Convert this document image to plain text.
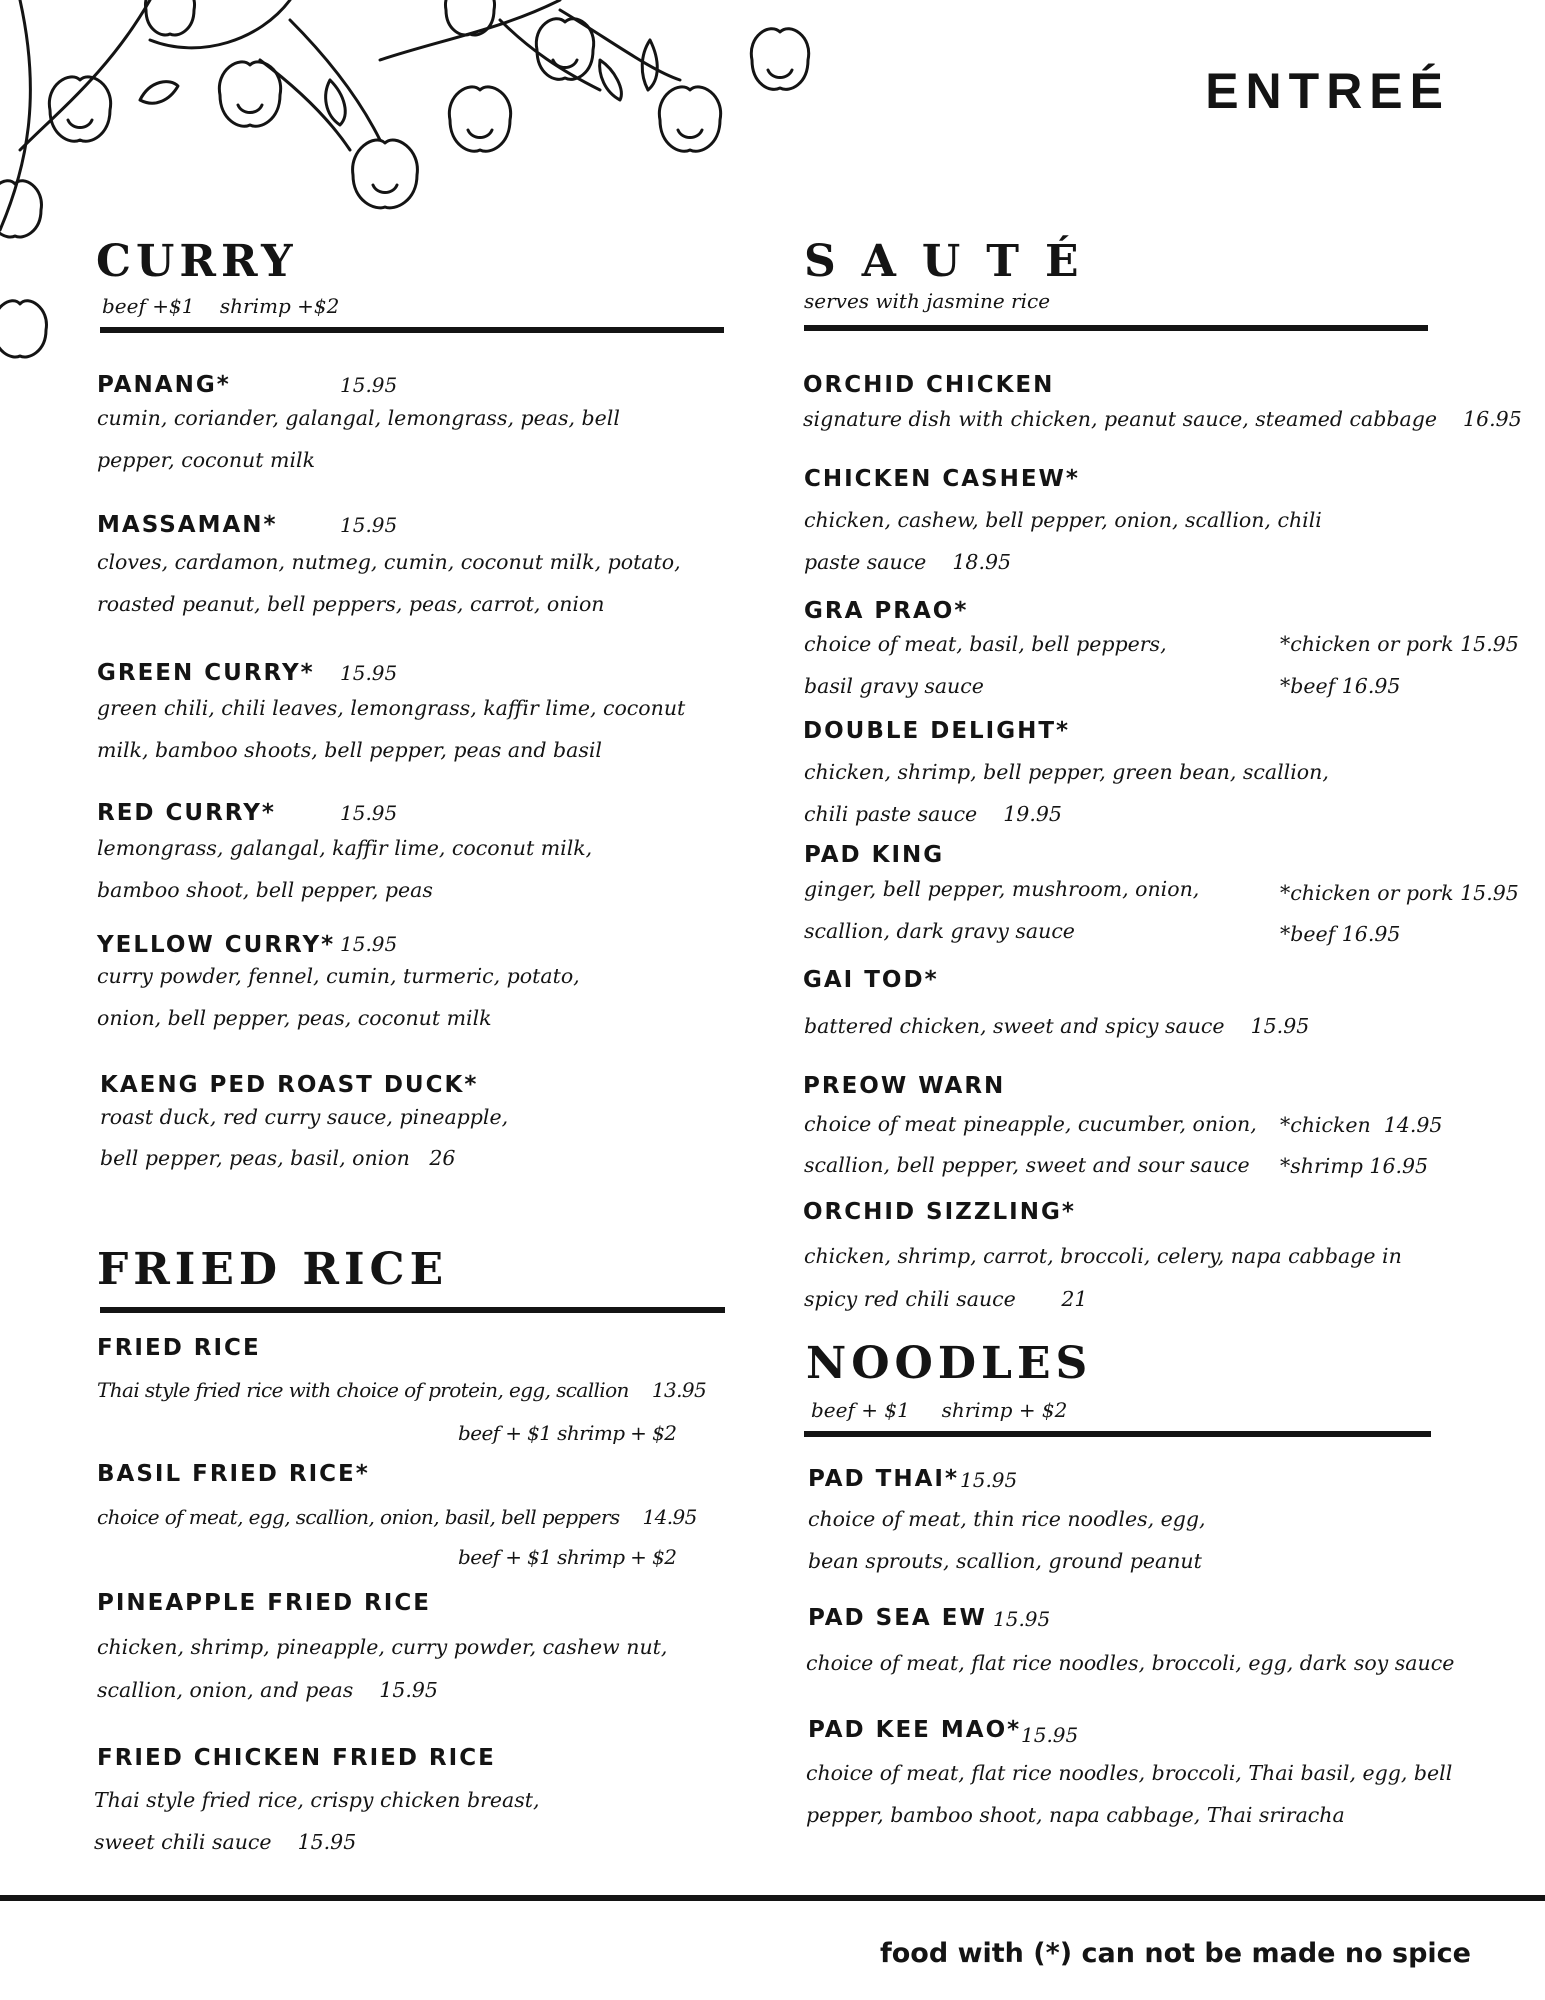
ENTREÉ
CURRY
beef +$1    shrimp +$2
PANANG*	15.95
cumin, coriander, galangal, lemongrass, peas, bell
pepper, coconut milk
MASSAMAN*	15.95
cloves, cardamon, nutmeg, cumin, coconut milk, potato,
roasted peanut, bell peppers, peas, carrot, onion
GREEN CURRY* 15.95
green chili, chili leaves, lemongrass, kaffir lime, coconut
milk, bamboo shoots, bell pepper, peas and basil
RED CURRY*	15.95
lemongrass, galangal, kaffir lime, coconut milk,
bamboo shoot, bell pepper, peas
YELLOW CURRY* 15.95
curry powder, fennel, cumin, turmeric, potato,
onion, bell pepper, peas, coconut milk
KAENG PED ROAST DUCK*
roast duck, red curry sauce, pineapple,
bell pepper, peas, basil, onion   26
FRIED RICE
FRIED RICE
Thai style fried rice with choice of protein, egg, scallion    13.95
beef + $1 shrimp + $2
BASIL FRIED RICE*
choice of meat, egg, scallion, onion, basil, bell peppers    14.95
beef + $1 shrimp + $2
PINEAPPLE FRIED RICE
chicken, shrimp, pineapple, curry powder, cashew nut,
scallion, onion, and peas    15.95
FRIED CHICKEN FRIED RICE
Thai style fried rice, crispy chicken breast,
sweet chili sauce    15.95
SAUTÉ
serves with jasmine rice
ORCHID CHICKEN
signature dish with chicken, peanut sauce, steamed cabbage    16.95
CHICKEN CASHEW*
chicken, cashew, bell pepper, onion, scallion, chili
paste sauce    18.95
GRA PRAO*
choice of meat, basil, bell peppers,
basil gravy sauce
*chicken or pork 15.95
*beef 16.95
DOUBLE DELIGHT*
chicken, shrimp, bell pepper, green bean, scallion,
chili paste sauce    19.95
PAD KING
ginger, bell pepper, mushroom, onion,
scallion, dark gravy sauce
*chicken or pork 15.95
*beef 16.95
GAI TOD*
battered chicken, sweet and spicy sauce    15.95
PREOW WARN
choice of meat pineapple, cucumber, onion,
scallion, bell pepper, sweet and sour sauce
*chicken  14.95
*shrimp 16.95
ORCHID SIZZLING*
chicken, shrimp, carrot, broccoli, celery, napa cabbage in
spicy red chili sauce       21
NOODLES
beef + $1     shrimp + $2
PAD THAI* 15.95
choice of meat, thin rice noodles, egg,
bean sprouts, scallion, ground peanut
PAD SEA EW 15.95
choice of meat, flat rice noodles, broccoli, egg, dark soy sauce
PAD KEE MAO* 15.95
choice of meat, flat rice noodles, broccoli, Thai basil, egg, bell
pepper, bamboo shoot, napa cabbage, Thai sriracha
food with (*) can not be made no spice
